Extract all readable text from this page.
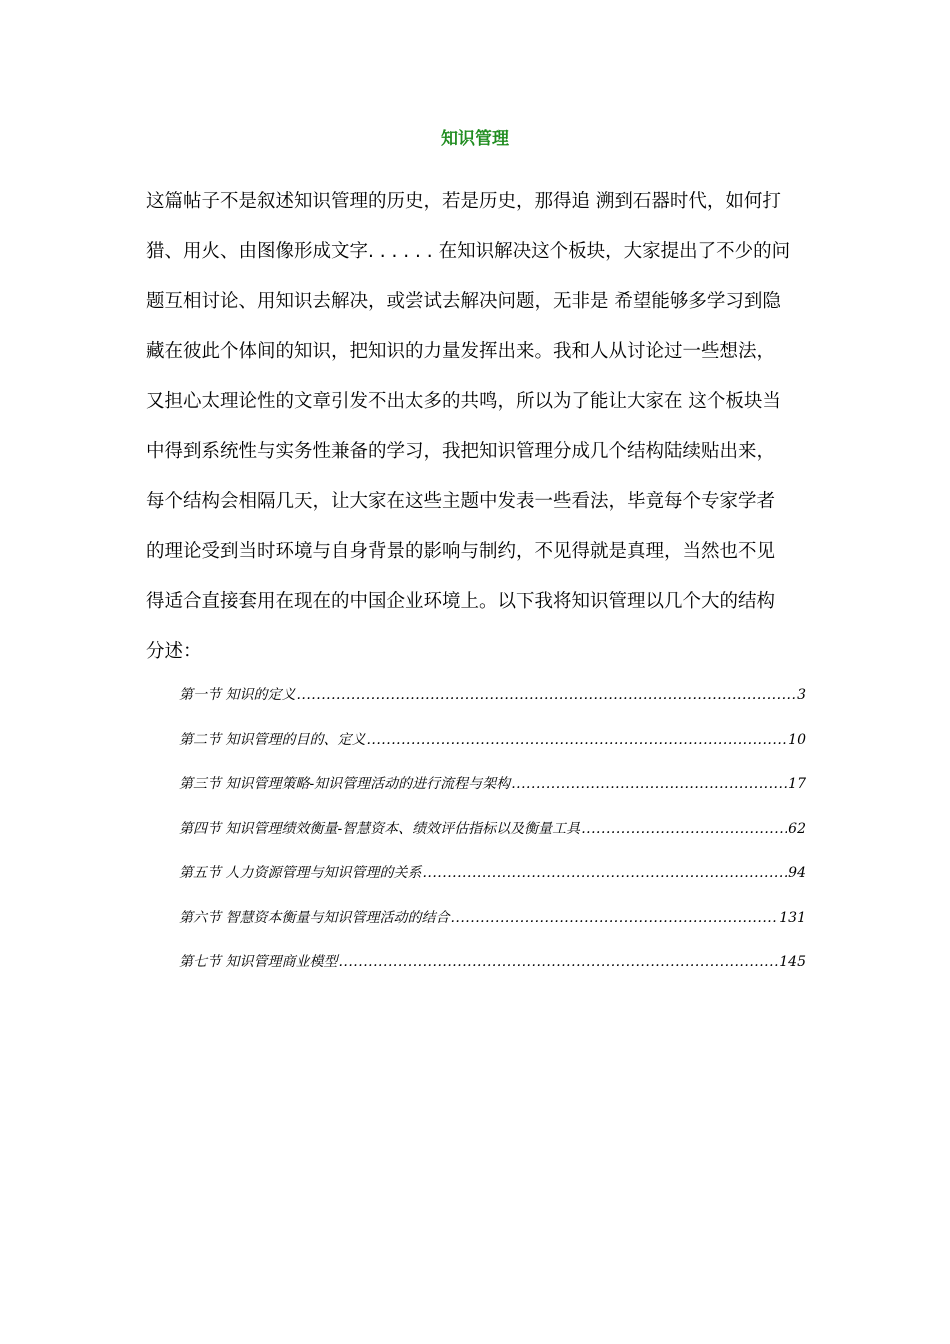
知识管理
这篇帖子不是叙述知识管理的历史，若是历史，那得追 溯到石器时代，如何打
猎、用火、由图像形成文字. . . . . . 在知识解决这个板块，大家提出了不少的问
题互相讨论、用知识去解决，或尝试去解决问题，无非是 希望能够多学习到隐
藏在彼此个体间的知识，把知识的力量发挥出来。我和人从讨论过一些想法，
又担心太理论性的文章引发不出太多的共鸣，所以为了能让大家在 这个板块当
中得到系统性与实务性兼备的学习，我把知识管理分成几个结构陆续贴出来，
每个结构会相隔几天，让大家在这些主题中发表一些看法，毕竟每个专家学者
的理论受到当时环境与自身背景的影响与制约，不见得就是真理，当然也不见
得适合直接套用在现在的中国企业环境上。以下我将知识管理以几个大的结构
分述：
第一节 知识的定义 .....	3
第二节 知识管理的目的、定义 .....	10
第三节 知识管理策略-知识管理活动的进行流程与架构 .....	17
第四节 知识管理绩效衡量-智慧资本、绩效评估指标以及衡量工具 .....	62
第五节 人力资源管理与知识管理的关系 .....	94
第六节 智慧资本衡量与知识管理活动的结合 .....	131
第七节 知识管理商业模型 .....	145
